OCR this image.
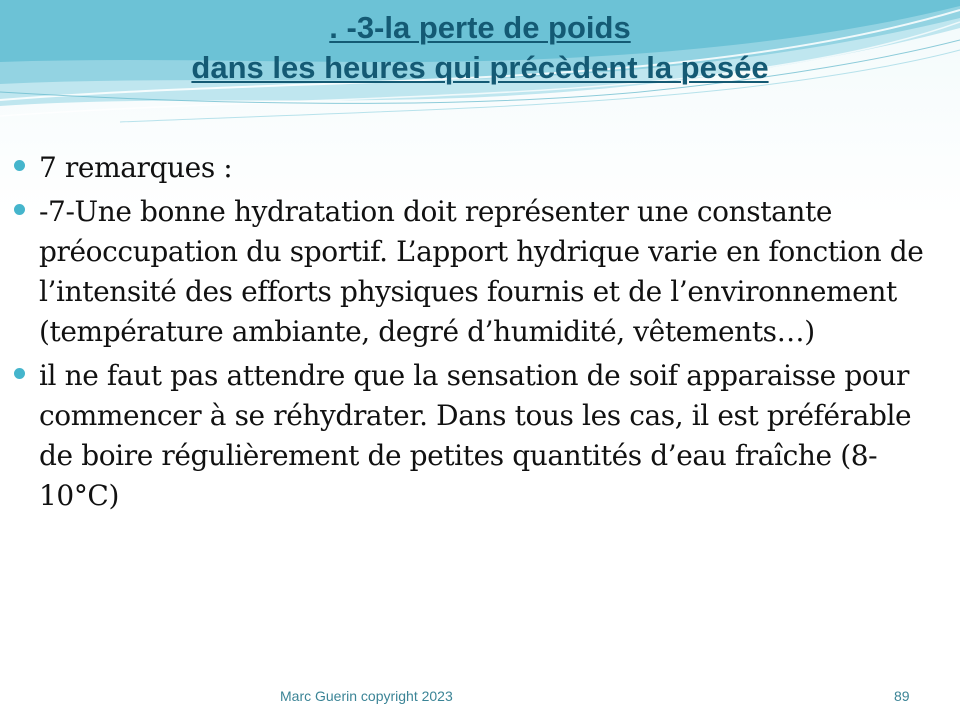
. -3-la perte de poids
dans les heures qui précèdent la pesée
7 remarques :
-7-Une bonne hydratation doit représenter une constante préoccupation du sportif. L’apport hydrique varie en fonction de l’intensité des efforts physiques fournis et de l’environnement (température ambiante, degré d’humidité, vêtements…)
il ne faut pas attendre que la sensation de soif apparaisse pour commencer à se réhydrater. Dans tous les cas, il est préférable de boire régulièrement de petites quantités d’eau fraîche (8-10°C)
Marc Guerin copyright 2023	89
